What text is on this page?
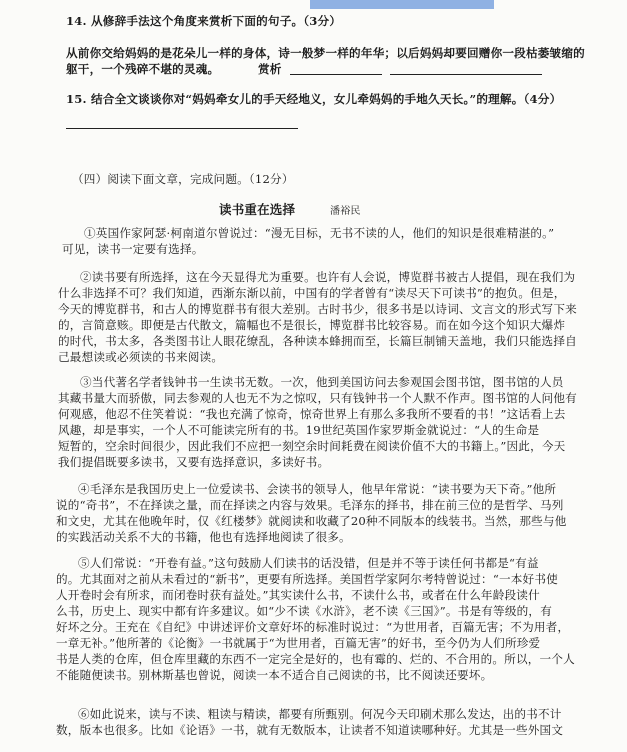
14. 从修辞手法这个角度来赏析下面的句子。（3分）
从前你交给妈妈的是花朵儿一样的身体，诗一般梦一样的年华；以后妈妈却要回赠你一段枯萎皱缩的
躯干，一个残碎不堪的灵魂。	赏析
15. 结合全文谈谈你对“妈妈牵女儿的手天经地义，女儿牵妈妈的手地久天长。”的理解。（4分）
（四）阅读下面文章，完成问题。（12分）
读书重在选择	潘裕民
①英国作家阿瑟·柯南道尔曾说过：“漫无目标，无书不读的人，他们的知识是很难精湛的。”
可见，读书一定要有选择。
②读书要有所选择，这在今天显得尤为重要。也许有人会说，博览群书被古人提倡，现在我们为
什么非选择不可？我们知道，西渐东渐以前，中国有的学者曾有“读尽天下可读书”的抱负。但是，
今天的博览群书，和古人的博览群书有很大差别。古时书少，很多书是以诗词、文言文的形式写下来
的，言简意赅。即便是古代散文，篇幅也不是很长，博览群书比较容易。而在如今这个知识大爆炸
的时代，书太多，各类图书让人眼花缭乱，各种读本蜂拥而至，长篇巨制铺天盖地，我们只能选择自
己最想读或必须读的书来阅读。
③当代著名学者钱钟书一生读书无数。一次，他到美国访问去参观国会图书馆，图书馆的人员
其藏书量大而骄傲，同去参观的人也无不为之惊叹，只有钱钟书一个人默不作声。图书馆的人问他有
何观感，他忍不住笑着说：“我也充满了惊奇，惊奇世界上有那么多我所不要看的书！”这话看上去
风趣，却是事实，一个人不可能读完所有的书。19世纪英国作家罗斯金就说过：“人的生命是
短暂的，空余时间很少，因此我们不应把一刻空余时间耗费在阅读价值不大的书籍上。”因此，今天
我们提倡既要多读书，又要有选择意识，多读好书。
④毛泽东是我国历史上一位爱读书、会读书的领导人，他早年常说：“读书要为天下奇。”他所
说的“奇书”，不在择读之量，而在择读之内容与效果。毛泽东的择书，排在前三位的是哲学、马列
和文史，尤其在他晚年时，仅《红楼梦》就阅读和收藏了20种不同版本的线装书。当然，那些与他
的实践活动关系不大的书籍，他也有选择地阅读了很多。
⑤人们常说：“开卷有益。”这句鼓励人们读书的话没错，但是并不等于读任何书都是“有益
的。尤其面对之前从未看过的“新书”，更要有所选择。美国哲学家阿尔考特曾说过：“一本好书使
人开卷时会有所求，而闭卷时获有益处。”其实读什么书，不读什么书，或者在什么年龄段读什
么书，历史上、现实中都有许多建议。如“少不读《水浒》，老不读《三国》”。书是有等级的，有
好坏之分。王充在《自纪》中讲述评价文章好坏的标准时说过：“为世用者，百篇无害；不为用者，
一章无补。”他所著的《论衡》一书就属于“为世用者，百篇无害”的好书，至今仍为人们所珍爱
书是人类的仓库，但仓库里藏的东西不一定完全是好的，也有霉的、烂的、不合用的。所以，一个人
不能随便读书。别林斯基也曾说，阅读一本不适合自己阅读的书，比不阅读还要坏。
⑥如此说来，读与不读、粗读与精读，都要有所甄别。何况今天印刷术那么发达，出的书不计
数，版本也很多。比如《论语》一书，就有无数版本，让读者不知道读哪种好。尤其是一些外国文
